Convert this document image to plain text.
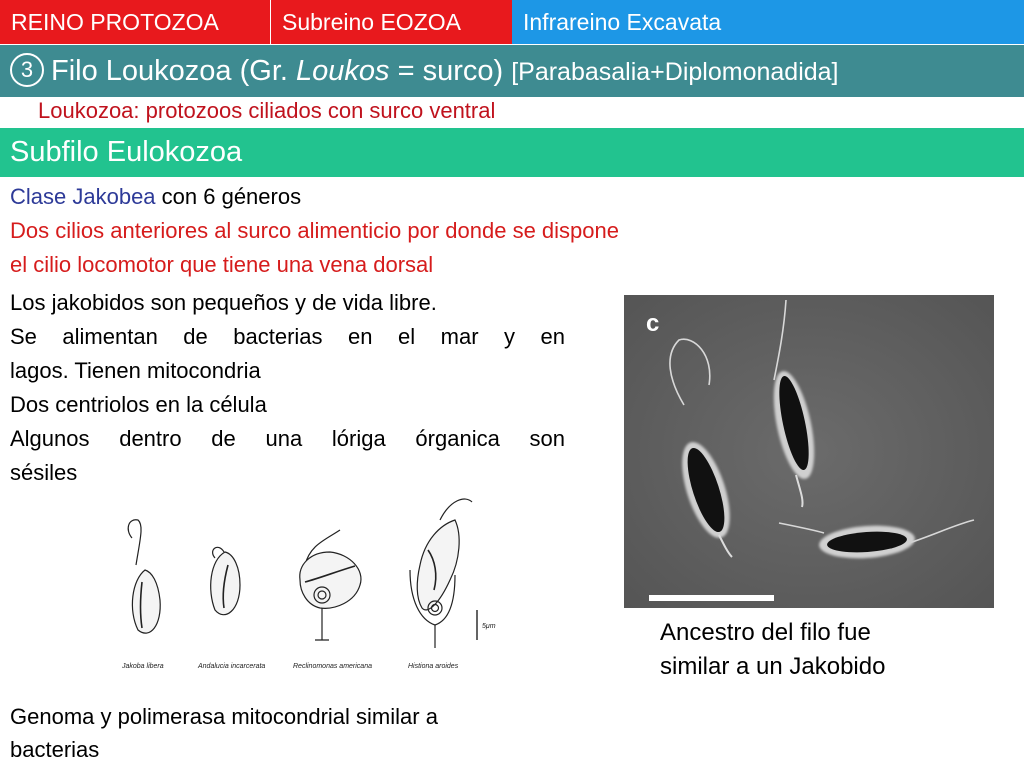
REINO PROTOZOA	Subreino EOZOA	Infrareino Excavata
3 Filo Loukozoa (Gr. Loukos = surco) [Parabasalia+Diplomonadida]
Loukozoa: protozoos ciliados con surco ventral
Subfilo Eulokozoa
Clase Jakobea con 6 géneros
Dos cilios anteriores al surco alimenticio por donde se dispone
el cilio locomotor que tiene una vena dorsal
Los jakobidos son pequeños y de vida libre.
Se alimentan de bacterias en el mar y en
lagos. Tienen mitocondria
Dos centriolos en la célula
Algunos dentro de una lóriga órganica son
sésiles
c
Ancestro del filo fue
similar a un Jakobido
5μm
Jakoba libera	Andalucia incarcerata	Reclinomonas americana	Histiona aroides
Genoma y polimerasa mitocondrial similar a
bacterias
